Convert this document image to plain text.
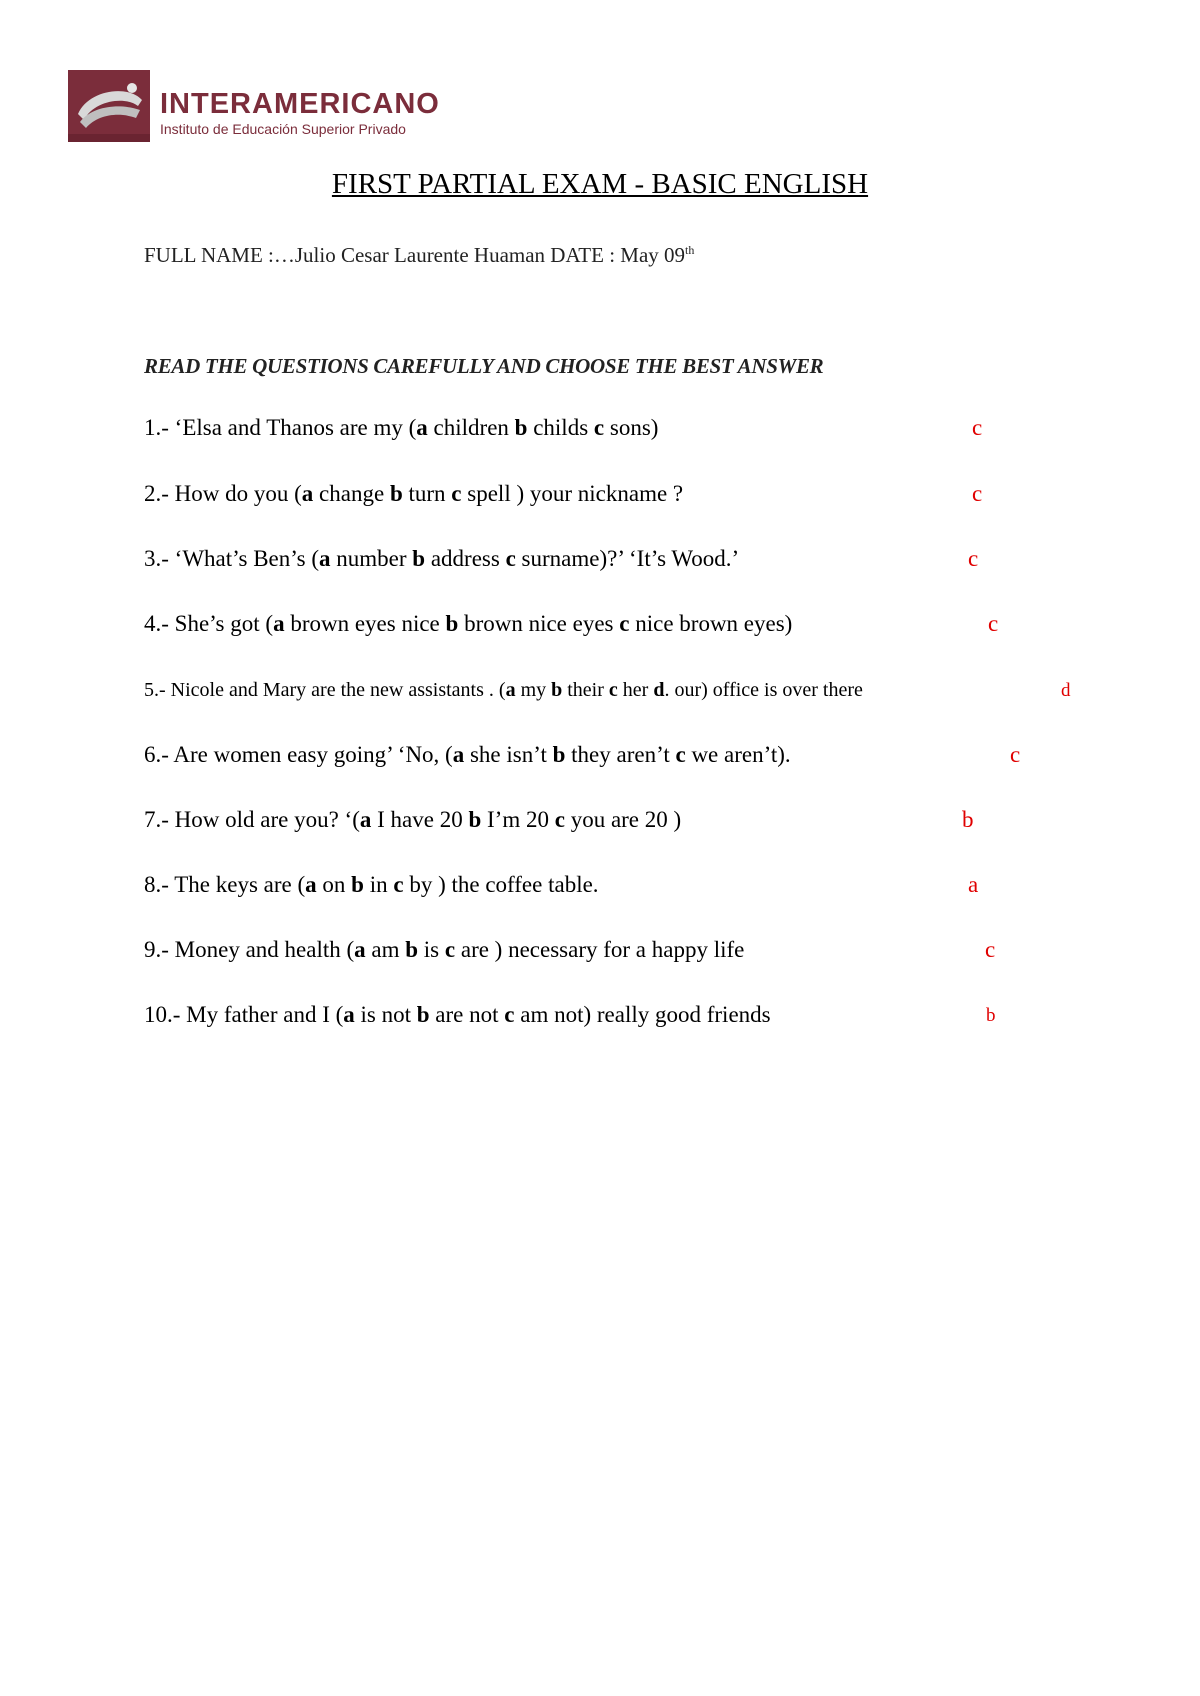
INTERAMERICANO
Instituto de Educación Superior Privado
FIRST PARTIAL EXAM - BASIC ENGLISH
FULL NAME :…Julio Cesar Laurente Huaman DATE : May 09th
READ THE QUESTIONS CAREFULLY AND CHOOSE THE BEST ANSWER
1.- ‘Elsa and Thanos are my (a children b childs c sons)	c
2.- How do you (a change b turn c spell ) your nickname ?	c
3.- ‘What’s Ben’s (a number b address c surname)?’ ‘It’s Wood.’	c
4.- She’s got (a brown eyes nice b brown nice eyes c nice brown eyes)	c
5.- Nicole and Mary are the new assistants . (a my b their c her d. our) office is over there	d
6.- Are women easy going’ ‘No, (a she isn’t b they aren’t c we aren’t).	c
7.- How old are you? ‘(a I have 20 b I’m 20 c you are 20 )	b
8.- The keys are (a on b in c by ) the coffee table.	a
9.- Money and health (a am b is c are ) necessary for a happy life	c
10.- My father and I (a is not b are not c am not) really good friends	b
